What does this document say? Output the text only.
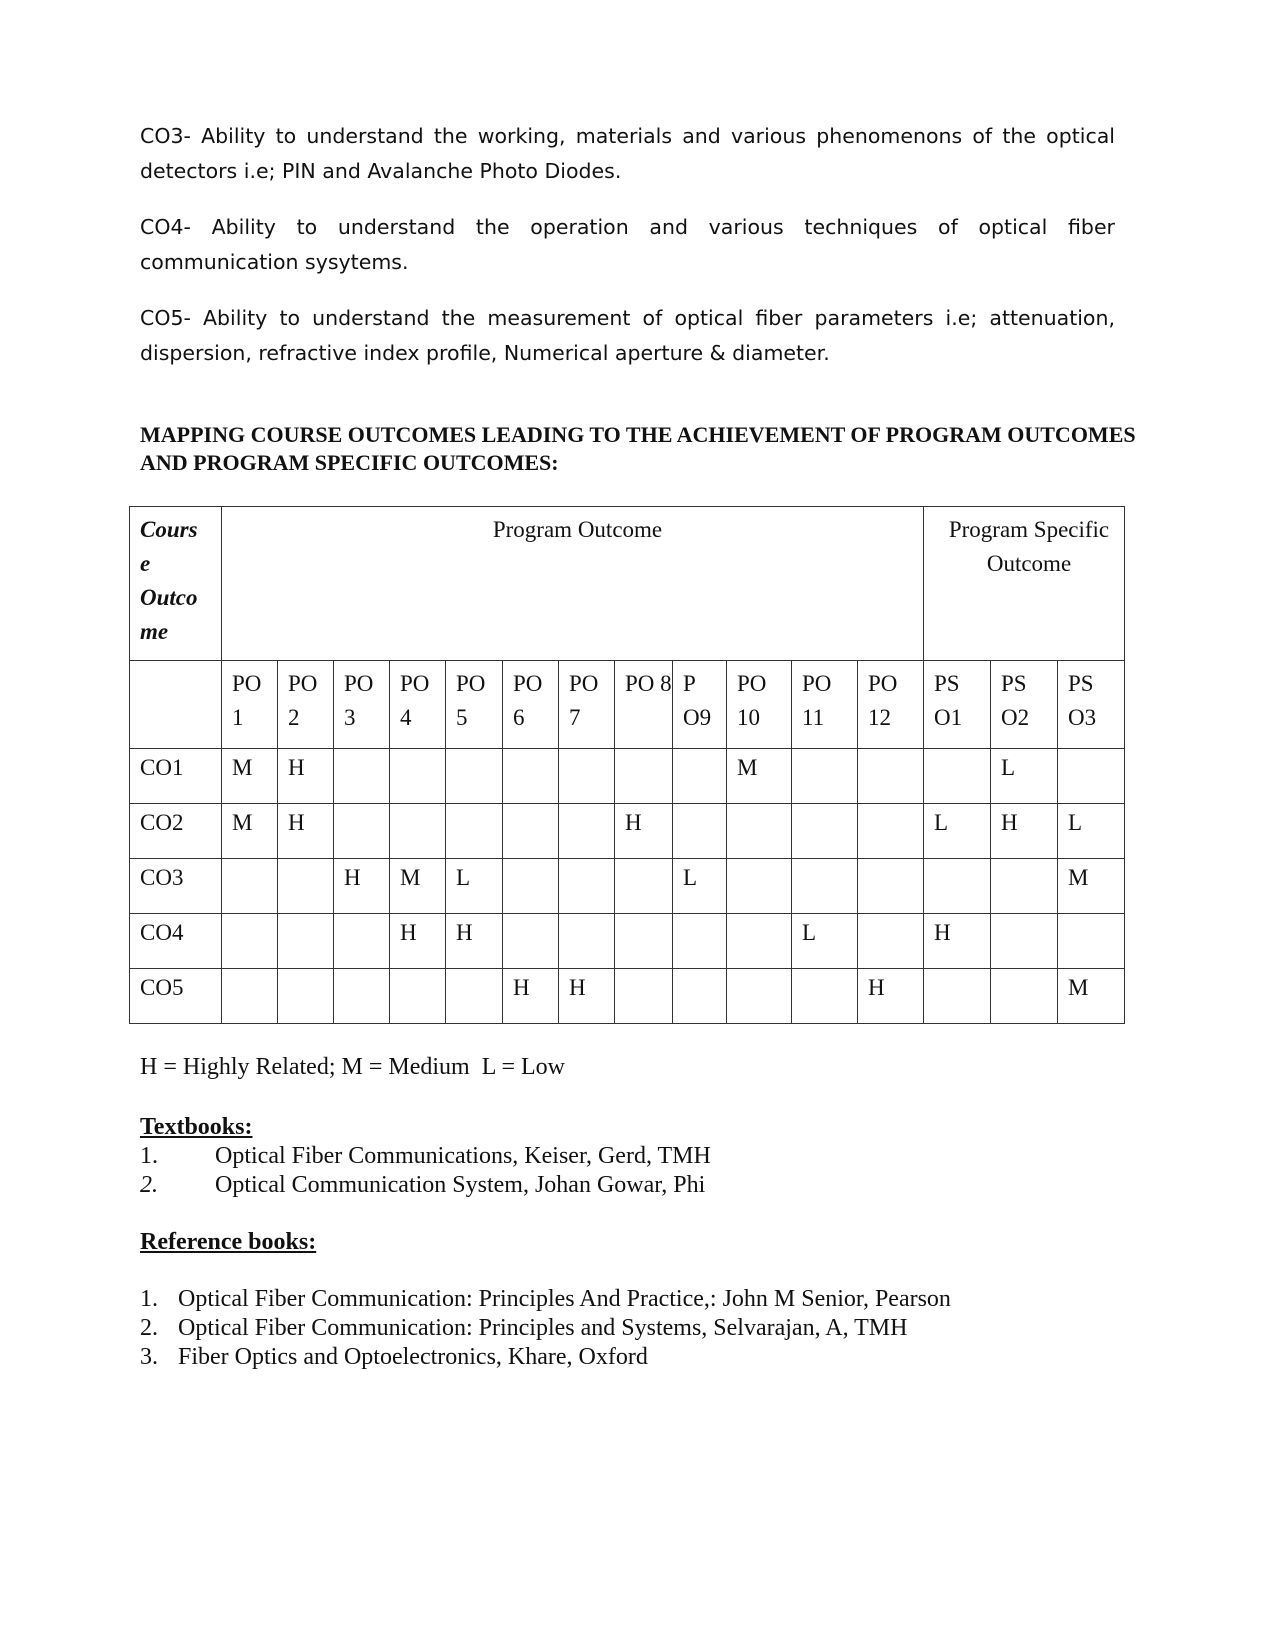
CO3- Ability to understand the working, materials and various phenomenons of the optical detectors i.e; PIN and Avalanche Photo Diodes.

CO4- Ability to understand the operation and various techniques of optical fiber communication sysytems.

CO5- Ability to understand the measurement of optical fiber parameters i.e; attenuation, dispersion, refractive index profile, Numerical aperture & diameter.

MAPPING COURSE OUTCOMES LEADING TO THE ACHIEVEMENT OF PROGRAM OUTCOMES AND PROGRAM SPECIFIC OUTCOMES:

Cours
e
Outco
me	Program Outcome												Program Specific Outcome		
	PO 1	PO 2	PO 3	PO 4	PO 5	PO 6	PO 7	PO 8	P O9	PO 10	PO 11	PO 12	PS O1	PS O2	PS O3
CO1	M	H								M				L	
CO2	M	H						H					L	H	L
CO3			H	M	L				L						M
CO4				H	H						L		H		
CO5						H	H					H			M

H = Highly Related; M = Medium  L = Low

Textbooks:

1.	Optical Fiber Communications, Keiser, Gerd, TMH
2.	Optical Communication System, Johan Gowar, Phi

Reference books:

1. Optical Fiber Communication: Principles And Practice,: John M Senior, Pearson
2. Optical Fiber Communication: Principles and Systems, Selvarajan, A, TMH
3. Fiber Optics and Optoelectronics, Khare, Oxford
